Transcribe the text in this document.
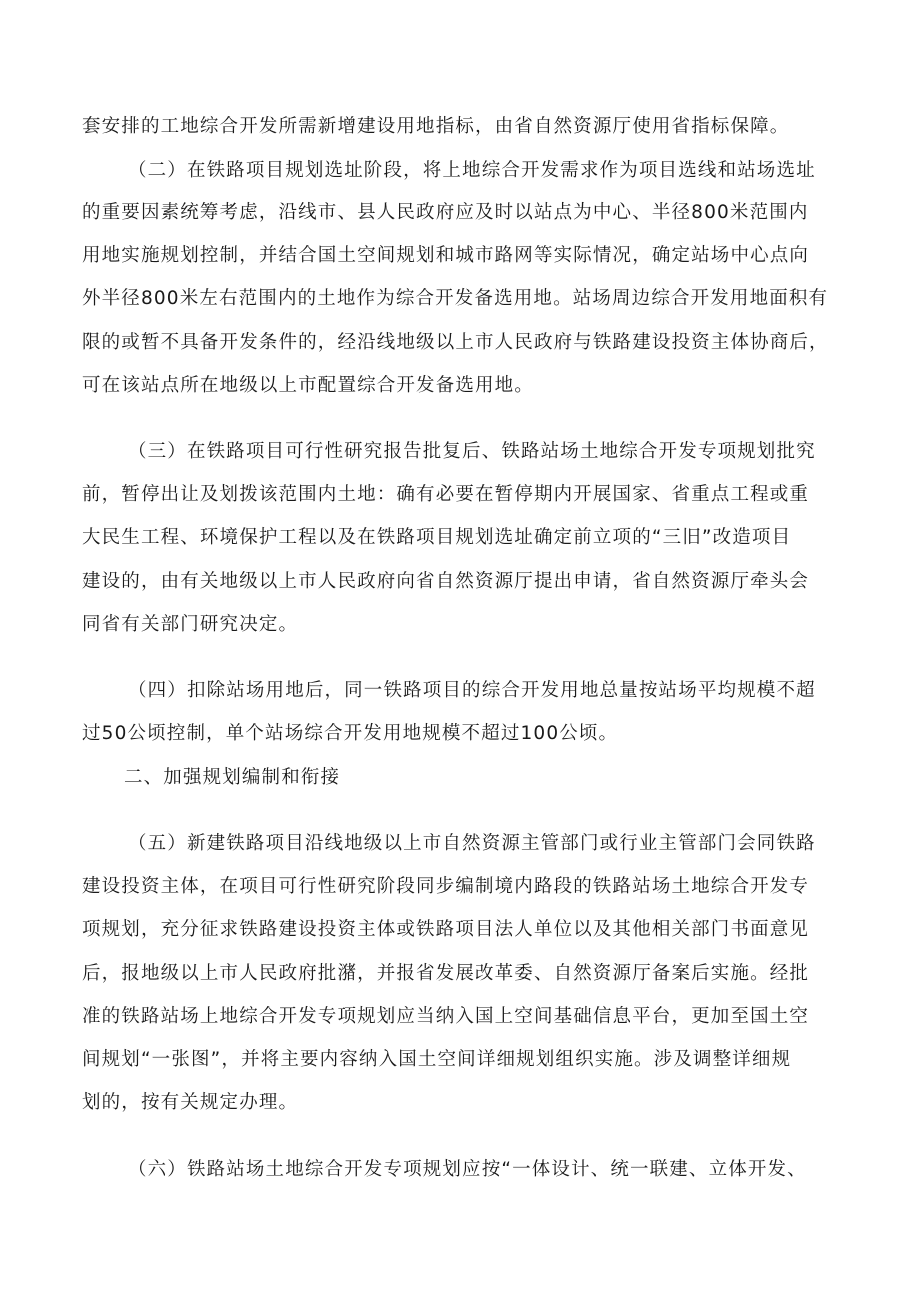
套安排的工地综合开发所需新增建设用地指标，由省自然资源厅使用省指标保障。
（二）在铁路项目规划选址阶段，将上地综合开发需求作为项目选线和站场选址
的重要因素统筹考虑，沿线市、县人民政府应及时以站点为中心、半径800米范围内
用地实施规划控制，并结合国土空间规划和城市路网等实际情况，确定站场中心点向
外半径800米左右范围内的土地作为综合开发备选用地。站场周边综合开发用地面积有
限的或暂不具备开发条件的，经沿线地级以上市人民政府与铁路建设投资主体协商后，
可在该站点所在地级以上市配置综合开发备选用地。
（三）在铁路项目可行性研究报告批复后、铁路站场土地综合开发专项规划批究
前，暂停出让及划拨该范围内土地：确有必要在暂停期内开展国家、省重点工程或重
大民生工程、环境保护工程以及在铁路项目规划选址确定前立项的“三旧”改造项目
建设的，由有关地级以上市人民政府向省自然资源厅提出申请，省自然资源厅牵头会
同省有关部门研究决定。
（四）扣除站场用地后，同一铁路项目的综合开发用地总量按站场平均规模不超
过50公顷控制，单个站场综合开发用地规模不超过100公顷。
二、加强规划编制和衔接
（五）新建铁路项目沿线地级以上市自然资源主管部门或行业主管部门会同铁路
建设投资主体，在项目可行性研究阶段同步编制境内路段的铁路站场土地综合开发专
项规划，充分征求铁路建设投资主体或铁路项目法人单位以及其他相关部门书面意见
后，报地级以上市人民政府批潴，并报省发展改革委、自然资源厅备案后实施。经批
准的铁路站场上地综合开发专项规划应当纳入国上空间基础信息平台，更加至国土空
间规划“一张图”，并将主要内容纳入国土空间详细规划组织实施。涉及调整详细规
划的，按有关规定办理。
（六）铁路站场土地综合开发专项规划应按“一体设计、统一联建、立体开发、
